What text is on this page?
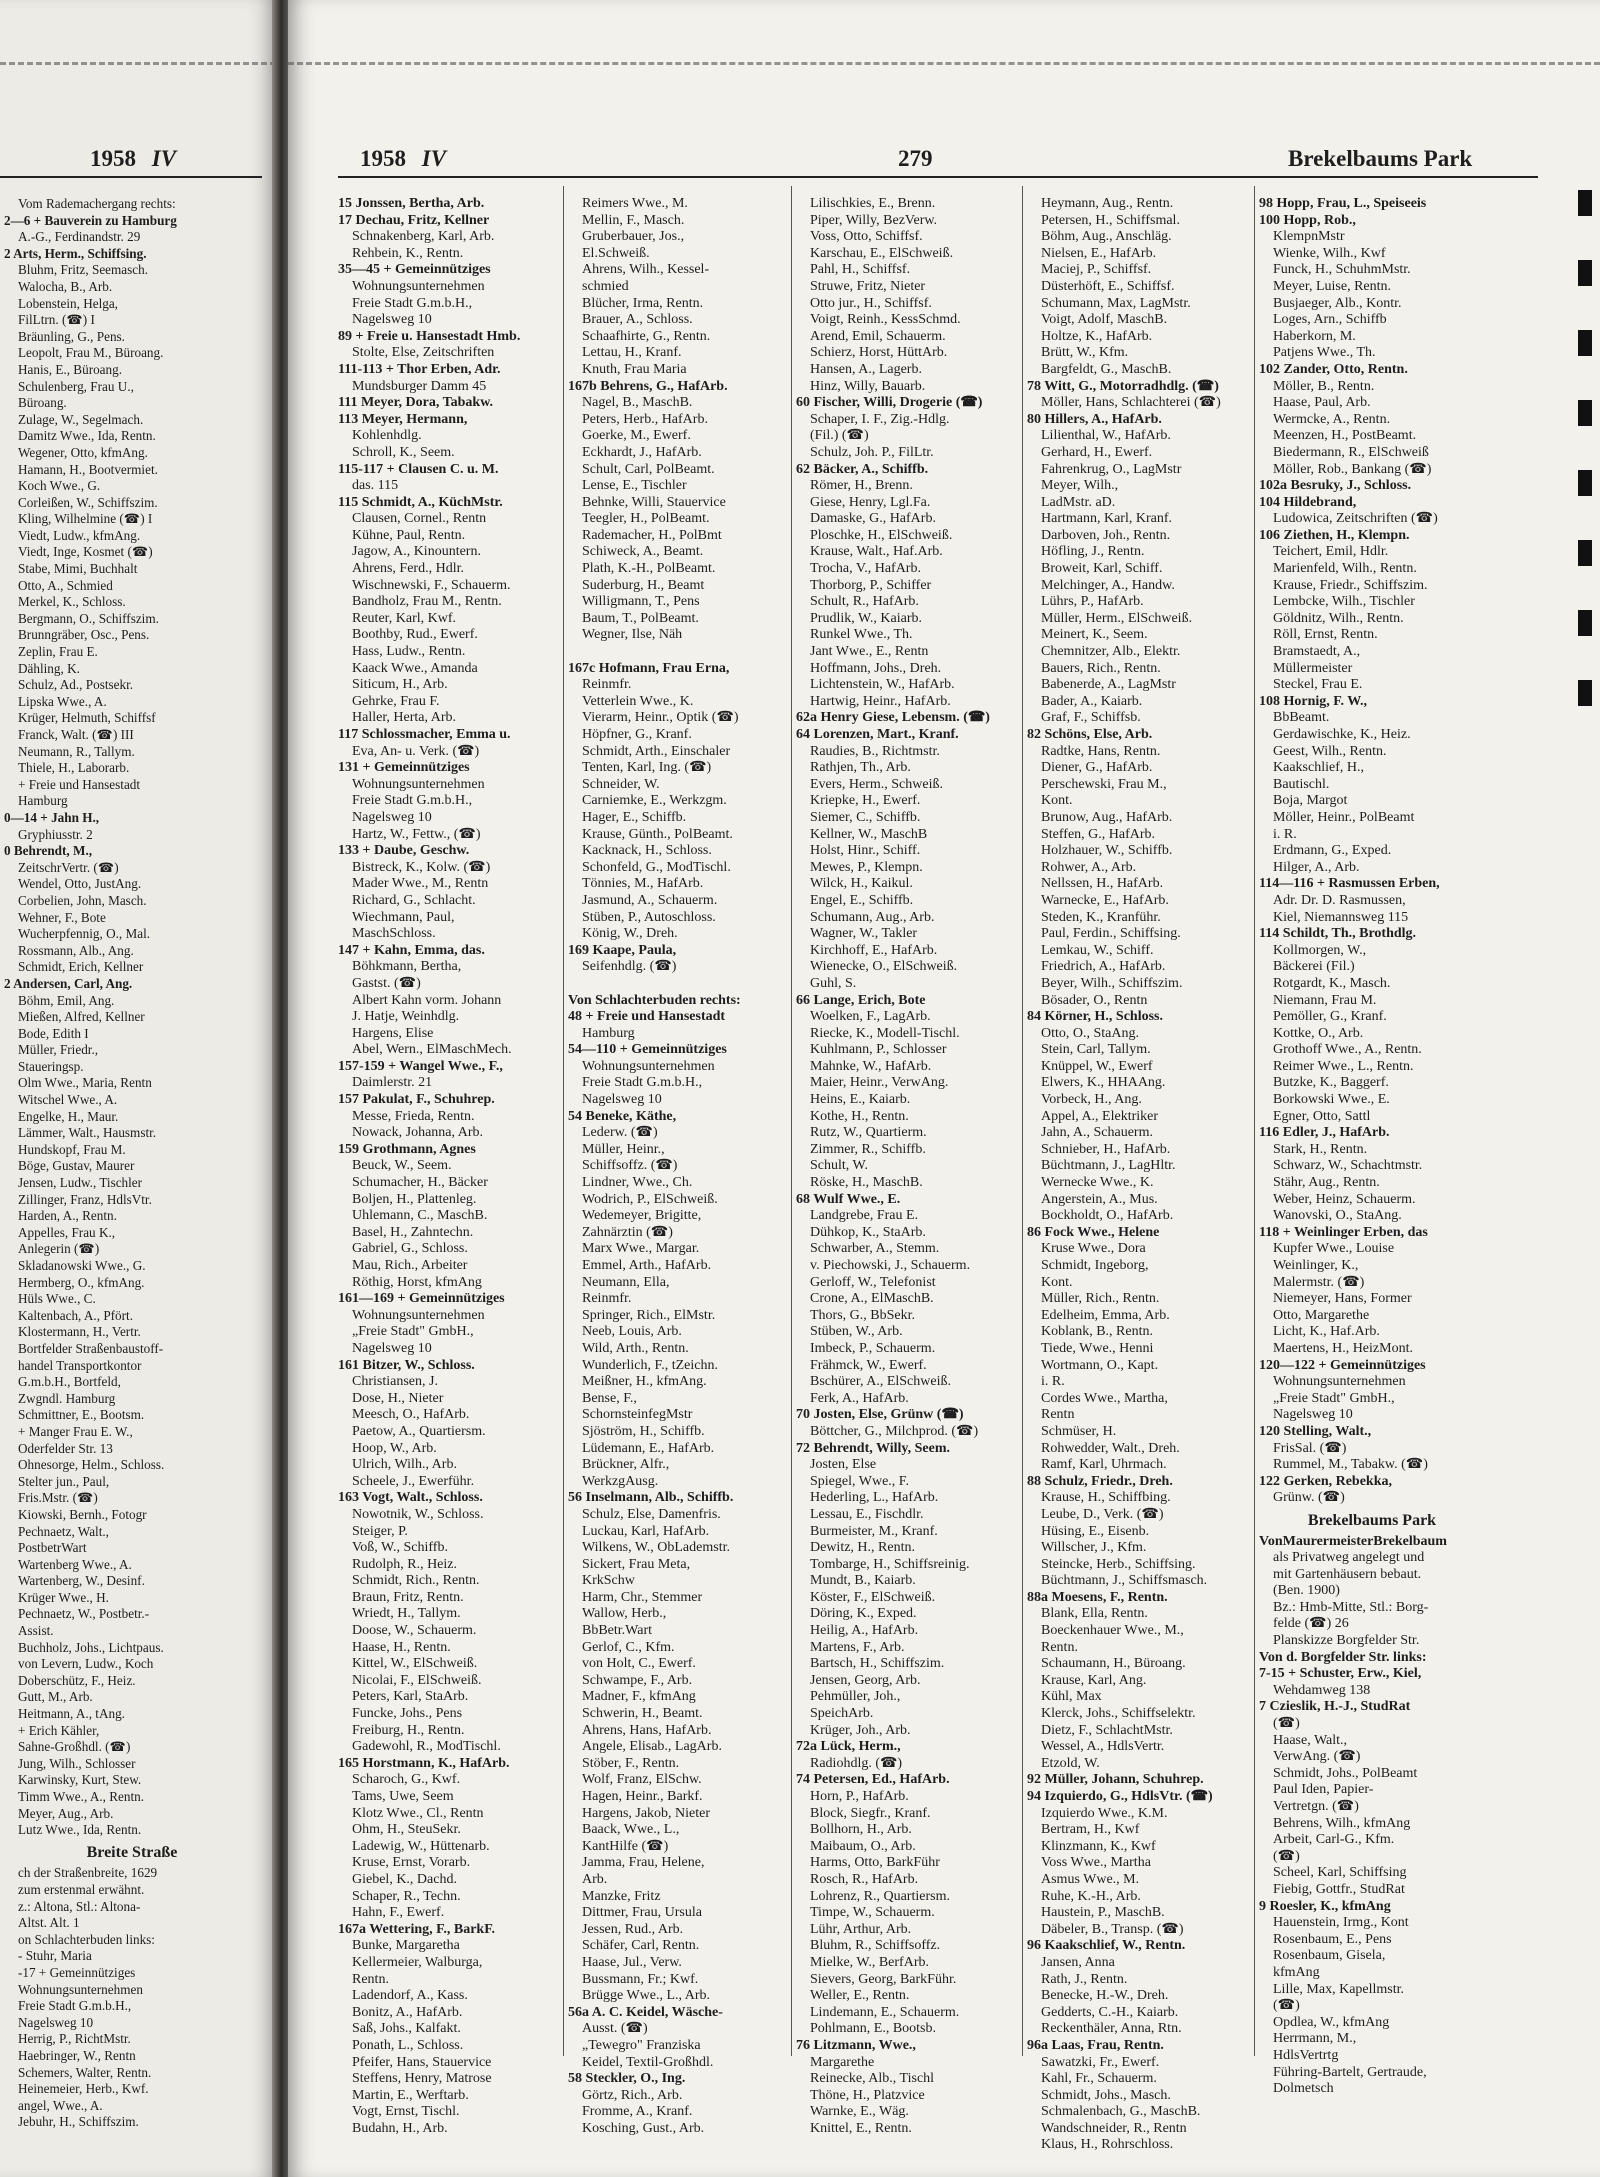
1958 IV
Vom Rademachergang rechts:
2—6 + Bauverein zu Hamburg
A.-G., Ferdinandstr. 29
2 Arts, Herm., Schiffsing.
Bluhm, Fritz, Seemasch.
Walocha, B., Arb.
Lobenstein, Helga,
FilLtrn. (☎) I
Bräunling, G., Pens.
Leopolt, Frau M., Büroang.
Hanis, E., Büroang.
Schulenberg, Frau U.,
Büroang.
Zulage, W., Segelmach.
Damitz Wwe., Ida, Rentn.
Wegener, Otto, kfmAng.
Hamann, H., Bootvermiet.
Koch Wwe., G.
Corleißen, W., Schiffszim.
Kling, Wilhelmine (☎) I
Viedt, Ludw., kfmAng.
Viedt, Inge, Kosmet (☎)
Stabe, Mimi, Buchhalt
Otto, A., Schmied
Merkel, K., Schloss.
Bergmann, O., Schiffszim.
Brunngräber, Osc., Pens.
Zeplin, Frau E.
Dähling, K.
Schulz, Ad., Postsekr.
Lipska Wwe., A.
Krüger, Helmuth, Schiffsf
Franck, Walt. (☎) III
Neumann, R., Tallym.
Thiele, H., Laborarb.
+ Freie und Hansestadt
Hamburg
0—14 + Jahn H.,
Gryphiusstr. 2
0 Behrendt, M.,
ZeitschrVertr. (☎)
Wendel, Otto, JustAng.
Corbelien, John, Masch.
Wehner, F., Bote
Wucherpfennig, O., Mal.
Rossmann, Alb., Ang.
Schmidt, Erich, Kellner
2 Andersen, Carl, Ang.
Böhm, Emil, Ang.
Mießen, Alfred, Kellner
Bode, Edith I
Müller, Friedr.,
Staueringsp.
Olm Wwe., Maria, Rentn
Witschel Wwe., A.
Engelke, H., Maur.
Lämmer, Walt., Hausmstr.
Hundskopf, Frau M.
Böge, Gustav, Maurer
Jensen, Ludw., Tischler
Zillinger, Franz, HdlsVtr.
Harden, A., Rentn.
Appelles, Frau K.,
Anlegerin (☎)
Skladanowski Wwe., G.
Hermberg, O., kfmAng.
Hüls Wwe., C.
Kaltenbach, A., Pfört.
Klostermann, H., Vertr.
Bortfelder Straßenbaustoff-
handel Transportkontor
G.m.b.H., Bortfeld,
Zwgndl. Hamburg
Schmittner, E., Bootsm.
+ Manger Frau E. W.,
Oderfelder Str. 13
Ohnesorge, Helm., Schloss.
Stelter jun., Paul,
Fris.Mstr. (☎)
Kiowski, Bernh., Fotogr
Pechnaetz, Walt.,
PostbetrWart
Wartenberg Wwe., A.
Wartenberg, W., Desinf.
Krüger Wwe., H.
Pechnaetz, W., Postbetr.-
Assist.
Buchholz, Johs., Lichtpaus.
von Levern, Ludw., Koch
Doberschütz, F., Heiz.
Gutt, M., Arb.
Heitmann, A., tAng.
+ Erich Kähler,
Sahne-Großhdl. (☎)
Jung, Wilh., Schlosser
Karwinsky, Kurt, Stew.
Timm Wwe., A., Rentn.
Meyer, Aug., Arb.
Lutz Wwe., Ida, Rentn.
Breite Straße
ch der Straßenbreite, 1629
zum erstenmal erwähnt.
z.: Altona, Stl.: Altona-
Altst. Alt. 1
on Schlachterbuden links:
- Stuhr, Maria
-17 + Gemeinnütziges
Wohnungsunternehmen
Freie Stadt G.m.b.H.,
Nagelsweg 10
Herrig, P., RichtMstr.
Haebringer, W., Rentn
Schemers, Walter, Rentn.
Heinemeier, Herb., Kwf.
angel, Wwe., A.
Jebuhr, H., Schiffszim.
1958 IV	279	Brekelbaums Park
15 Jonssen, Bertha, Arb.
17 Dechau, Fritz, Kellner
Schnakenberg, Karl, Arb.
Rehbein, K., Rentn.
35—45 + Gemeinnütziges
Wohnungsunternehmen
Freie Stadt G.m.b.H.,
Nagelsweg 10
89 + Freie u. Hansestadt Hmb.
Stolte, Else, Zeitschriften
111-113 + Thor Erben, Adr.
Mundsburger Damm 45
111 Meyer, Dora, Tabakw.
113 Meyer, Hermann,
Kohlenhdlg.
Schroll, K., Seem.
115-117 + Clausen C. u. M.
das. 115
115 Schmidt, A., KüchMstr.
Clausen, Cornel., Rentn
Kühne, Paul, Rentn.
Jagow, A., Kinountern.
Ahrens, Ferd., Hdlr.
Wischnewski, F., Schauerm.
Bandholz, Frau M., Rentn.
Reuter, Karl, Kwf.
Boothby, Rud., Ewerf.
Hass, Ludw., Rentn.
Kaack Wwe., Amanda
Siticum, H., Arb.
Gehrke, Frau F.
Haller, Herta, Arb.
117 Schlossmacher, Emma u.
Eva, An- u. Verk. (☎)
131 + Gemeinnütziges
Wohnungsunternehmen
Freie Stadt G.m.b.H.,
Nagelsweg 10
Hartz, W., Fettw., (☎)
133 + Daube, Geschw.
Bistreck, K., Kolw. (☎)
Mader Wwe., M., Rentn
Richard, G., Schlacht.
Wiechmann, Paul,
MaschSchloss.
147 + Kahn, Emma, das.
Böhkmann, Bertha,
Gastst. (☎)
Albert Kahn vorm. Johann
J. Hatje, Weinhdlg.
Hargens, Elise
Abel, Wern., ElMaschMech.
157-159 + Wangel Wwe., F.,
Daimlerstr. 21
157 Pakulat, F., Schuhrep.
Messe, Frieda, Rentn.
Nowack, Johanna, Arb.
159 Grothmann, Agnes
Beuck, W., Seem.
Schumacher, H., Bäcker
Boljen, H., Plattenleg.
Uhlemann, C., MaschB.
Basel, H., Zahntechn.
Gabriel, G., Schloss.
Mau, Rich., Arbeiter
Röthig, Horst, kfmAng
161—169 + Gemeinnütziges
Wohnungsunternehmen
„Freie Stadt" GmbH.,
Nagelsweg 10
161 Bitzer, W., Schloss.
Christiansen, J.
Dose, H., Nieter
Meesch, O., HafArb.
Paetow, A., Quartiersm.
Hoop, W., Arb.
Ulrich, Wilh., Arb.
Scheele, J., Ewerführ.
163 Vogt, Walt., Schloss.
Nowotnik, W., Schloss.
Steiger, P.
Voß, W., Schiffb.
Rudolph, R., Heiz.
Schmidt, Rich., Rentn.
Braun, Fritz, Rentn.
Wriedt, H., Tallym.
Doose, W., Schauerm.
Haase, H., Rentn.
Kittel, W., ElSchweiß.
Nicolai, F., ElSchweiß.
Peters, Karl, StaArb.
Funcke, Johs., Pens
Freiburg, H., Rentn.
Gadewohl, R., ModTischl.
165 Horstmann, K., HafArb.
Scharoch, G., Kwf.
Tams, Uwe, Seem
Klotz Wwe., Cl., Rentn
Ohm, H., SteuSekr.
Ladewig, W., Hüttenarb.
Kruse, Ernst, Vorarb.
Giebel, K., Dachd.
Schaper, R., Techn.
Hahn, F., Ewerf.
167a Wettering, F., BarkF.
Bunke, Margaretha
Kellermeier, Walburga,
Rentn.
Ladendorf, A., Kass.
Bonitz, A., HafArb.
Saß, Johs., Kalfakt.
Ponath, L., Schloss.
Pfeifer, Hans, Stauervice
Steffens, Henry, Matrose
Martin, E., Werftarb.
Vogt, Ernst, Tischl.
Budahn, H., Arb.
Reimers Wwe., M.
Mellin, F., Masch.
Gruberbauer, Jos.,
El.Schweiß.
Ahrens, Wilh., Kessel-
schmied
Blücher, Irma, Rentn.
Brauer, A., Schloss.
Schaafhirte, G., Rentn.
Lettau, H., Kranf.
Knuth, Frau Maria
167b Behrens, G., HafArb.
Nagel, B., MaschB.
Peters, Herb., HafArb.
Goerke, M., Ewerf.
Eckhardt, J., HafArb.
Schult, Carl, PolBeamt.
Lense, E., Tischler
Behnke, Willi, Stauervice
Teegler, H., PolBeamt.
Rademacher, H., PolBmt
Schiweck, A., Beamt.
Plath, K.-H., PolBeamt.
Suderburg, H., Beamt
Willigmann, T., Pens
Baum, T., PolBeamt.
Wegner, Ilse, Näh

167c Hofmann, Frau Erna,
Reinmfr.
Vetterlein Wwe., K.
Vierarm, Heinr., Optik (☎)
Höpfner, G., Kranf.
Schmidt, Arth., Einschaler
Tenten, Karl, Ing. (☎)
Schneider, W.
Carniemke, E., Werkzgm.
Hager, E., Schiffb.
Krause, Günth., PolBeamt.
Kacknack, H., Schloss.
Schonfeld, G., ModTischl.
Tönnies, M., HafArb.
Jasmund, A., Schauerm.
Stüben, P., Autoschloss.
König, W., Dreh.
169 Kaape, Paula,
Seifenhdlg. (☎)

Von Schlachterbuden rechts:
48 + Freie und Hansestadt
Hamburg
54—110 + Gemeinnütziges
Wohnungsunternehmen
Freie Stadt G.m.b.H.,
Nagelsweg 10
54 Beneke, Käthe,
Lederw. (☎)
Müller, Heinr.,
Schiffsoffz. (☎)
Lindner, Wwe., Ch.
Wodrich, P., ElSchweiß.
Wedemeyer, Brigitte,
Zahnärztin (☎)
Marx Wwe., Margar.
Emmel, Arth., HafArb.
Neumann, Ella,
Reinmfr.
Springer, Rich., ElMstr.
Neeb, Louis, Arb.
Wild, Arth., Rentn.
Wunderlich, F., tZeichn.
Meißner, H., kfmAng.
Bense, F.,
SchornsteinfegMstr
Sjöström, H., Schiffb.
Lüdemann, E., HafArb.
Brückner, Alfr.,
WerkzgAusg.
56 Inselmann, Alb., Schiffb.
Schulz, Else, Damenfris.
Luckau, Karl, HafArb.
Wilkens, W., ObLademstr.
Sickert, Frau Meta,
KrkSchw
Harm, Chr., Stemmer
Wallow, Herb.,
BbBetr.Wart
Gerlof, C., Kfm.
von Holt, C., Ewerf.
Schwampe, F., Arb.
Madner, F., kfmAng
Schwerin, H., Beamt.
Ahrens, Hans, HafArb.
Angele, Elisab., LagArb.
Stöber, F., Rentn.
Wolf, Franz, ElSchw.
Hagen, Heinr., Barkf.
Hargens, Jakob, Nieter
Baack, Wwe., L.,
KantHilfe (☎)
Jamma, Frau, Helene,
Arb.
Manzke, Fritz
Dittmer, Frau, Ursula
Jessen, Rud., Arb.
Schäfer, Carl, Rentn.
Haase, Jul., Verw.
Bussmann, Fr.; Kwf.
Brügge Wwe., L., Arb.
56a A. C. Keidel, Wäsche-
Ausst. (☎)
„Tewegro" Franziska
Keidel, Textil-Großhdl.
58 Steckler, O., Ing.
Görtz, Rich., Arb.
Fromme, A., Kranf.
Kosching, Gust., Arb.
Lilischkies, E., Brenn.
Piper, Willy, BezVerw.
Voss, Otto, Schiffsf.
Karschau, E., ElSchweiß.
Pahl, H., Schiffsf.
Struwe, Fritz, Nieter
Otto jur., H., Schiffsf.
Voigt, Reinh., KessSchmd.
Arend, Emil, Schauerm.
Schierz, Horst, HüttArb.
Hansen, A., Lagerb.
Hinz, Willy, Bauarb.
60 Fischer, Willi, Drogerie (☎)
Schaper, I. F., Zig.-Hdlg.
(Fil.) (☎)
Schulz, Joh. P., FilLtr.
62 Bäcker, A., Schiffb.
Römer, H., Brenn.
Giese, Henry, Lgl.Fa.
Damaske, G., HafArb.
Ploschke, H., ElSchweiß.
Krause, Walt., Haf.Arb.
Trocha, V., HafArb.
Thorborg, P., Schiffer
Schult, R., HafArb.
Prudlik, W., Kaiarb.
Runkel Wwe., Th.
Jant Wwe., E., Rentn
Hoffmann, Johs., Dreh.
Lichtenstein, W., HafArb.
Hartwig, Heinr., HafArb.
62a Henry Giese, Lebensm. (☎)
64 Lorenzen, Mart., Kranf.
Raudies, B., Richtmstr.
Rathjen, Th., Arb.
Evers, Herm., Schweiß.
Kriepke, H., Ewerf.
Siemer, C., Schiffb.
Kellner, W., MaschB
Holst, Hinr., Schiff.
Mewes, P., Klempn.
Wilck, H., Kaikul.
Engel, E., Schiffb.
Schumann, Aug., Arb.
Wagner, W., Takler
Kirchhoff, E., HafArb.
Wienecke, O., ElSchweiß.
Guhl, S.
66 Lange, Erich, Bote
Woelken, F., LagArb.
Riecke, K., Modell-Tischl.
Kuhlmann, P., Schlosser
Mahnke, W., HafArb.
Maier, Heinr., VerwAng.
Heins, E., Kaiarb.
Kothe, H., Rentn.
Rutz, W., Quartierm.
Zimmer, R., Schiffb.
Schult, W.
Röske, H., MaschB.
68 Wulf Wwe., E.
Landgrebe, Frau E.
Dühkop, K., StaArb.
Schwarber, A., Stemm.
v. Piechowski, J., Schauerm.
Gerloff, W., Telefonist
Crone, A., ElMaschB.
Thors, G., BbSekr.
Stüben, W., Arb.
Imbeck, P., Schauerm.
Frähmck, W., Ewerf.
Bschürer, A., ElSchweiß.
Ferk, A., HafArb.
70 Josten, Else, Grünw (☎)
Böttcher, G., Milchprod. (☎)
72 Behrendt, Willy, Seem.
Josten, Else
Spiegel, Wwe., F.
Hederling, L., HafArb.
Lessau, E., Fischdlr.
Burmeister, M., Kranf.
Dewitz, H., Rentn.
Tombarge, H., Schiffsreinig.
Mundt, B., Kaiarb.
Köster, F., ElSchweiß.
Döring, K., Exped.
Heilig, A., HafArb.
Martens, F., Arb.
Bartsch, H., Schiffszim.
Jensen, Georg, Arb.
Pehmüller, Joh.,
SpeichArb.
Krüger, Joh., Arb.
72a Lück, Herm.,
Radiohdlg. (☎)
74 Petersen, Ed., HafArb.
Horn, P., HafArb.
Block, Siegfr., Kranf.
Bollhorn, H., Arb.
Maibaum, O., Arb.
Harms, Otto, BarkFühr
Rosch, R., HafArb.
Lohrenz, R., Quartiersm.
Timpe, W., Schauerm.
Lühr, Arthur, Arb.
Bluhm, R., Schiffsoffz.
Mielke, W., BerfArb.
Sievers, Georg, BarkFühr.
Weller, E., Rentn.
Lindemann, E., Schauerm.
Pohlmann, E., Bootsb.
76 Litzmann, Wwe.,
Margarethe
Reinecke, Alb., Tischl
Thöne, H., Platzvice
Warnke, E., Wäg.
Knittel, E., Rentn.
Heymann, Aug., Rentn.
Petersen, H., Schiffsmal.
Böhm, Aug., Anschläg.
Nielsen, E., HafArb.
Maciej, P., Schiffsf.
Düsterhöft, E., Schiffsf.
Schumann, Max, LagMstr.
Voigt, Adolf, MaschB.
Holtze, K., HafArb.
Brütt, W., Kfm.
Bargfeldt, G., MaschB.
78 Witt, G., Motorradhdlg. (☎)
Möller, Hans, Schlachterei (☎)
80 Hillers, A., HafArb.
Lilienthal, W., HafArb.
Gerhard, H., Ewerf.
Fahrenkrug, O., LagMstr
Meyer, Wilh.,
LadMstr. aD.
Hartmann, Karl, Kranf.
Darboven, Joh., Rentn.
Höfling, J., Rentn.
Broweit, Karl, Schiff.
Melchinger, A., Handw.
Lührs, P., HafArb.
Müller, Herm., ElSchweiß.
Meinert, K., Seem.
Chemnitzer, Alb., Elektr.
Bauers, Rich., Rentn.
Babenerde, A., LagMstr
Bader, A., Kaiarb.
Graf, F., Schiffsb.
82 Schöns, Else, Arb.
Radtke, Hans, Rentn.
Diener, G., HafArb.
Perschewski, Frau M.,
Kont.
Brunow, Aug., HafArb.
Steffen, G., HafArb.
Holzhauer, W., Schiffb.
Rohwer, A., Arb.
Nellssen, H., HafArb.
Warnecke, E., HafArb.
Steden, K., Kranführ.
Paul, Ferdin., Schiffsing.
Lemkau, W., Schiff.
Friedrich, A., HafArb.
Beyer, Wilh., Schiffszim.
Bösader, O., Rentn
84 Körner, H., Schloss.
Otto, O., StaAng.
Stein, Carl, Tallym.
Knüppel, W., Ewerf
Elwers, K., HHAAng.
Vorbeck, H., Ang.
Appel, A., Elektriker
Jahn, A., Schauerm.
Schnieber, H., HafArb.
Büchtmann, J., LagHltr.
Wernecke Wwe., K.
Angerstein, A., Mus.
Bockholdt, O., HafArb.
86 Fock Wwe., Helene
Kruse Wwe., Dora
Schmidt, Ingeborg,
Kont.
Müller, Rich., Rentn.
Edelheim, Emma, Arb.
Koblank, B., Rentn.
Tiede, Wwe., Henni
Wortmann, O., Kapt.
i. R.
Cordes Wwe., Martha,
Rentn
Schmüser, H.
Rohwedder, Walt., Dreh.
Ramf, Karl, Uhrmach.
88 Schulz, Friedr., Dreh.
Krause, H., Schiffbing.
Leube, D., Verk. (☎)
Hüsing, E., Eisenb.
Willscher, J., Kfm.
Steincke, Herb., Schiffsing.
Büchtmann, J., Schiffsmasch.
88a Moesens, F., Rentn.
Blank, Ella, Rentn.
Boeckenhauer Wwe., M.,
Rentn.
Schaumann, H., Büroang.
Krause, Karl, Ang.
Kühl, Max
Klerck, Johs., Schiffselektr.
Dietz, F., SchlachtMstr.
Wessel, A., HdlsVertr.
Etzold, W.
92 Müller, Johann, Schuhrep.
94 Izquierdo, G., HdlsVtr. (☎)
Izquierdo Wwe., K.M.
Bertram, H., Kwf
Klinzmann, K., Kwf
Voss Wwe., Martha
Asmus Wwe., M.
Ruhe, K.-H., Arb.
Haustein, P., MaschB.
Däbeler, B., Transp. (☎)
96 Kaakschlief, W., Rentn.
Jansen, Anna
Rath, J., Rentn.
Benecke, H.-W., Dreh.
Gedderts, C.-H., Kaiarb.
Reckenthäler, Anna, Rtn.
96a Laas, Frau, Rentn.
Sawatzki, Fr., Ewerf.
Kahl, Fr., Schauerm.
Schmidt, Johs., Masch.
Schmalenbach, G., MaschB.
Wandschneider, R., Rentn
Klaus, H., Rohrschloss.
98 Hopp, Frau, L., Speiseeis
100 Hopp, Rob.,
KlempnMstr
Wienke, Wilh., Kwf
Funck, H., SchuhmMstr.
Meyer, Luise, Rentn.
Busjaeger, Alb., Kontr.
Loges, Arn., Schiffb
Haberkorn, M.
Patjens Wwe., Th.
102 Zander, Otto, Rentn.
Möller, B., Rentn.
Haase, Paul, Arb.
Wermcke, A., Rentn.
Meenzen, H., PostBeamt.
Biedermann, R., ElSchweiß
Möller, Rob., Bankang (☎)
102a Besruky, J., Schloss.
104 Hildebrand,
Ludowica, Zeitschriften (☎)
106 Ziethen, H., Klempn.
Teichert, Emil, Hdlr.
Marienfeld, Wilh., Rentn.
Krause, Friedr., Schiffszim.
Lembcke, Wilh., Tischler
Göldnitz, Wilh., Rentn.
Röll, Ernst, Rentn.
Bramstaedt, A.,
Müllermeister
Steckel, Frau E.
108 Hornig, F. W.,
BbBeamt.
Gerdawischke, K., Heiz.
Geest, Wilh., Rentn.
Kaakschlief, H.,
Bautischl.
Boja, Margot
Möller, Heinr., PolBeamt
i. R.
Erdmann, G., Exped.
Hilger, A., Arb.
114—116 + Rasmussen Erben,
Adr. Dr. D. Rasmussen,
Kiel, Niemannsweg 115
114 Schildt, Th., Brothdlg.
Kollmorgen, W.,
Bäckerei (Fil.)
Rotgardt, K., Masch.
Niemann, Frau M.
Pemöller, G., Kranf.
Kottke, O., Arb.
Grothoff Wwe., A., Rentn.
Reimer Wwe., L., Rentn.
Butzke, K., Baggerf.
Borkowski Wwe., E.
Egner, Otto, Sattl
116 Edler, J., HafArb.
Stark, H., Rentn.
Schwarz, W., Schachtmstr.
Stähr, Aug., Rentn.
Weber, Heinz, Schauerm.
Wanovski, O., StaAng.
118 + Weinlinger Erben, das
Kupfer Wwe., Louise
Weinlinger, K.,
Malermstr. (☎)
Niemeyer, Hans, Former
Otto, Margarethe
Licht, K., Haf.Arb.
Maertens, H., HeizMont.
120—122 + Gemeinnütziges
Wohnungsunternehmen
„Freie Stadt" GmbH.,
Nagelsweg 10
120 Stelling, Walt.,
FrisSal. (☎)
Rummel, M., Tabakw. (☎)
122 Gerken, Rebekka,
Grünw. (☎)
Brekelbaums Park
VonMaurermeisterBrekelbaum
als Privatweg angelegt und
mit Gartenhäusern bebaut.
(Ben. 1900)
Bz.: Hmb-Mitte, Stl.: Borg-
felde (☎) 26
Planskizze Borgfelder Str.
Von d. Borgfelder Str. links:
7-15 + Schuster, Erw., Kiel,
Wehdamweg 138
7 Czieslik, H.-J., StudRat
(☎)
Haase, Walt.,
VerwAng. (☎)
Schmidt, Johs., PolBeamt
Paul Iden, Papier-
Vertretgn. (☎)
Behrens, Wilh., kfmAng
Arbeit, Carl-G., Kfm.
(☎)
Scheel, Karl, Schiffsing
Fiebig, Gottfr., StudRat
9 Roesler, K., kfmAng
Hauenstein, Irmg., Kont
Rosenbaum, E., Pens
Rosenbaum, Gisela,
kfmAng
Lille, Max, Kapellmstr.
(☎)
Opdlea, W., kfmAng
Herrmann, M.,
HdlsVertrtg
Führing-Bartelt, Gertraude,
Dolmetsch
